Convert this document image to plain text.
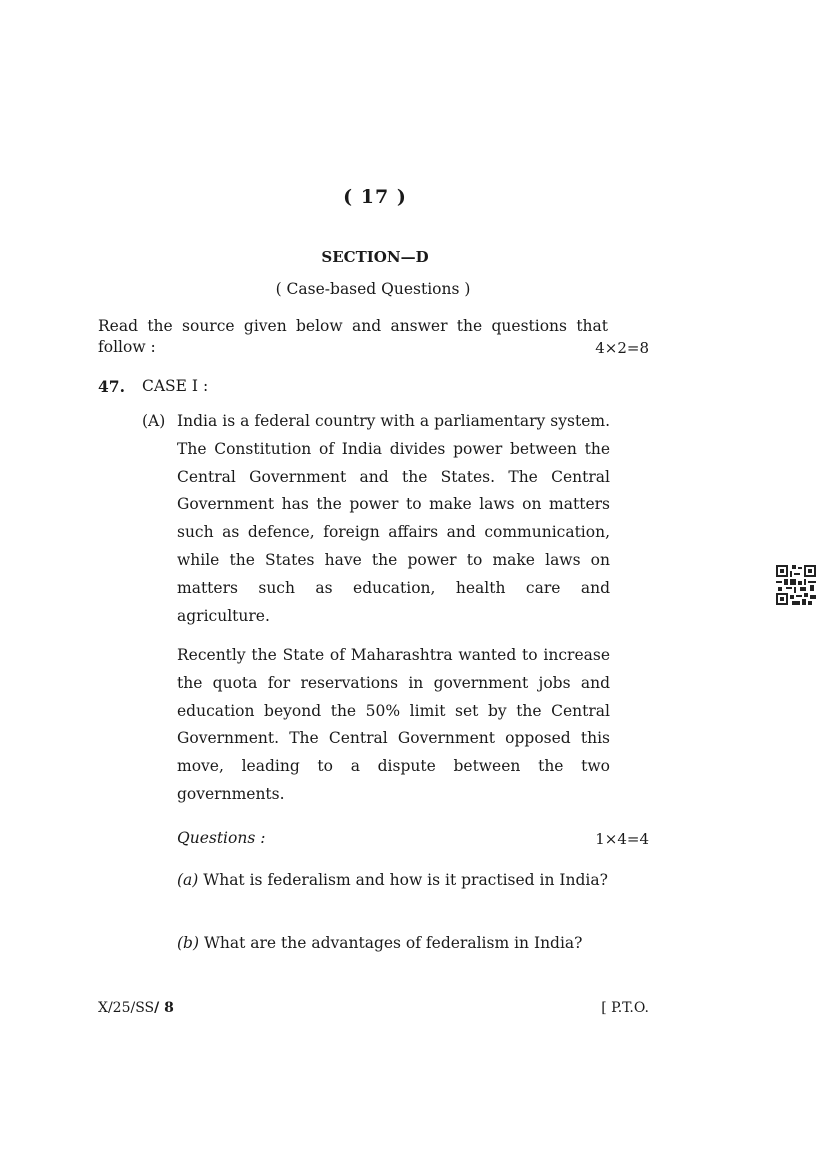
( 17 )
SECTION—D
( Case-based Questions )
Read the source given below and answer the questions that
follow :	4×2=8
47. CASE I :
(A) India is a federal country with a parliamentary system. The Constitution of India divides power between the Central Government and the States. The Central Government has the power to make laws on matters such as defence, foreign affairs and communication, while the States have the power to make laws on matters such as education, health care and agriculture.

Recently the State of Maharashtra wanted to increase the quota for reservations in government jobs and education beyond the 50% limit set by the Central Government. The Central Government opposed this move, leading to a dispute between the two governments.

Questions :	1×4=4
(a) What is federalism and how is it practised in India?
(b) What are the advantages of federalism in India?
X/25/SS/ 8	[ P.T.O.
